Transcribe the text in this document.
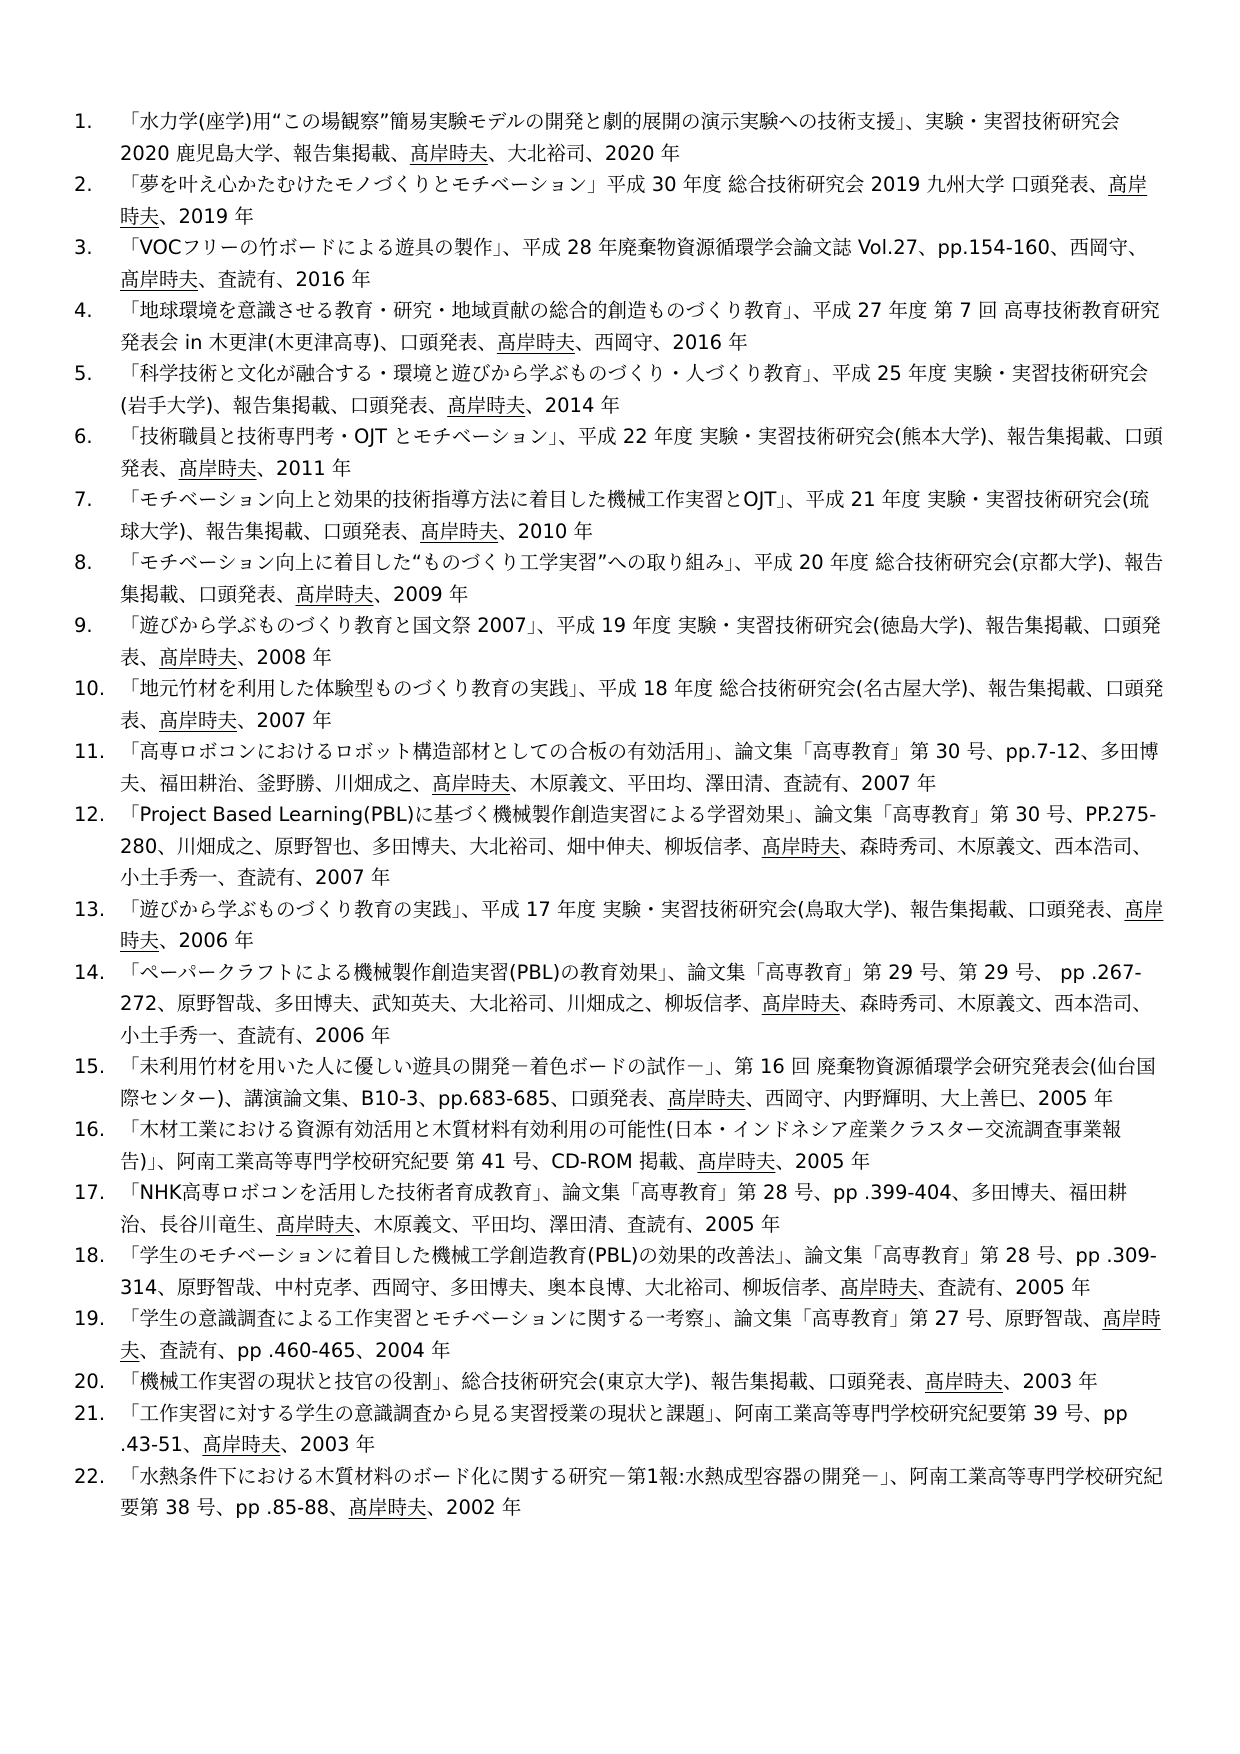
1.	「水力学(座学)用“この場観察”簡易実験モデルの開発と劇的展開の演示実験への技術支援」、実験・実習技術研究会 2020 鹿児島大学、報告集掲載、髙岸時夫、大北裕司、2020 年
2.	「夢を叶え心かたむけたモノづくりとモチベーション」平成 30 年度 総合技術研究会 2019 九州大学 口頭発表、髙岸時夫、2019 年
3.	「VOCフリーの竹ボードによる遊具の製作」、平成 28 年廃棄物資源循環学会論文誌 Vol.27、pp.154-160、西岡守、髙岸時夫、査読有、2016 年
4.	「地球環境を意識させる教育・研究・地域貢献の総合的創造ものづくり教育」、平成 27 年度 第 7 回 高専技術教育研究発表会 in 木更津(木更津高専)、口頭発表、髙岸時夫、西岡守、2016 年
5.	「科学技術と文化が融合する・環境と遊びから学ぶものづくり・人づくり教育」、平成 25 年度 実験・実習技術研究会(岩手大学)、報告集掲載、口頭発表、髙岸時夫、2014 年
6.	「技術職員と技術専門考・OJT とモチベーション」、平成 22 年度 実験・実習技術研究会(熊本大学)、報告集掲載、口頭発表、髙岸時夫、2011 年
7.	「モチベーション向上と効果的技術指導方法に着目した機械工作実習とOJT」、平成 21 年度 実験・実習技術研究会(琉球大学)、報告集掲載、口頭発表、髙岸時夫、2010 年
8.	「モチベーション向上に着目した“ものづくり工学実習”への取り組み」、平成 20 年度 総合技術研究会(京都大学)、報告集掲載、口頭発表、髙岸時夫、2009 年
9.	「遊びから学ぶものづくり教育と国文祭 2007」、平成 19 年度 実験・実習技術研究会(徳島大学)、報告集掲載、口頭発表、髙岸時夫、2008 年
10. 「地元竹材を利用した体験型ものづくり教育の実践」、平成 18 年度 総合技術研究会(名古屋大学)、報告集掲載、口頭発表、髙岸時夫、2007 年
11. 「高専ロボコンにおけるロボット構造部材としての合板の有効活用」、論文集「高専教育」第 30 号、pp.7-12、多田博夫、福田耕治、釜野勝、川畑成之、髙岸時夫、木原義文、平田均、澤田清、査読有、2007 年
12. 「Project Based Learning(PBL)に基づく機械製作創造実習による学習効果」、論文集「高専教育」第 30 号、PP.275-280、川畑成之、原野智也、多田博夫、大北裕司、畑中伸夫、柳坂信孝、髙岸時夫、森時秀司、木原義文、西本浩司、小土手秀一、査読有、2007 年
13. 「遊びから学ぶものづくり教育の実践」、平成 17 年度 実験・実習技術研究会(鳥取大学)、報告集掲載、口頭発表、髙岸時夫、2006 年
14. 「ペーパークラフトによる機械製作創造実習(PBL)の教育効果」、論文集「高専教育」第 29 号、第 29 号、 pp .267-272、原野智哉、多田博夫、武知英夫、大北裕司、川畑成之、柳坂信孝、髙岸時夫、森時秀司、木原義文、西本浩司、小土手秀一、査読有、2006 年
15. 「未利用竹材を用いた人に優しい遊具の開発－着色ボードの試作－」、第 16 回 廃棄物資源循環学会研究発表会(仙台国際センター)、講演論文集、B10-3、pp.683-685、口頭発表、髙岸時夫、西岡守、内野輝明、大上善巳、2005 年
16. 「木材工業における資源有効活用と木質材料有効利用の可能性(日本・インドネシア産業クラスター交流調査事業報告)」、阿南工業高等専門学校研究紀要 第 41 号、CD-ROM 掲載、髙岸時夫、2005 年
17. 「NHK高専ロボコンを活用した技術者育成教育」、論文集「高専教育」第 28 号、pp .399-404、多田博夫、福田耕治、長谷川竜生、髙岸時夫、木原義文、平田均、澤田清、査読有、2005 年
18. 「学生のモチベーションに着目した機械工学創造教育(PBL)の効果的改善法」、論文集「高専教育」第 28 号、pp .309-314、原野智哉、中村克孝、西岡守、多田博夫、奥本良博、大北裕司、柳坂信孝、髙岸時夫、査読有、2005 年
19. 「学生の意識調査による工作実習とモチベーションに関する一考察」、論文集「高専教育」第 27 号、原野智哉、髙岸時夫、査読有、pp .460-465、2004 年
20. 「機械工作実習の現状と技官の役割」、総合技術研究会(東京大学)、報告集掲載、口頭発表、髙岸時夫、2003 年
21. 「工作実習に対する学生の意識調査から見る実習授業の現状と課題」、阿南工業高等専門学校研究紀要第 39 号、pp .43-51、髙岸時夫、2003 年
22. 「水熱条件下における木質材料のボード化に関する研究－第1報:水熱成型容器の開発－」、阿南工業高等専門学校研究紀要第 38 号、pp .85-88、髙岸時夫、2002 年
